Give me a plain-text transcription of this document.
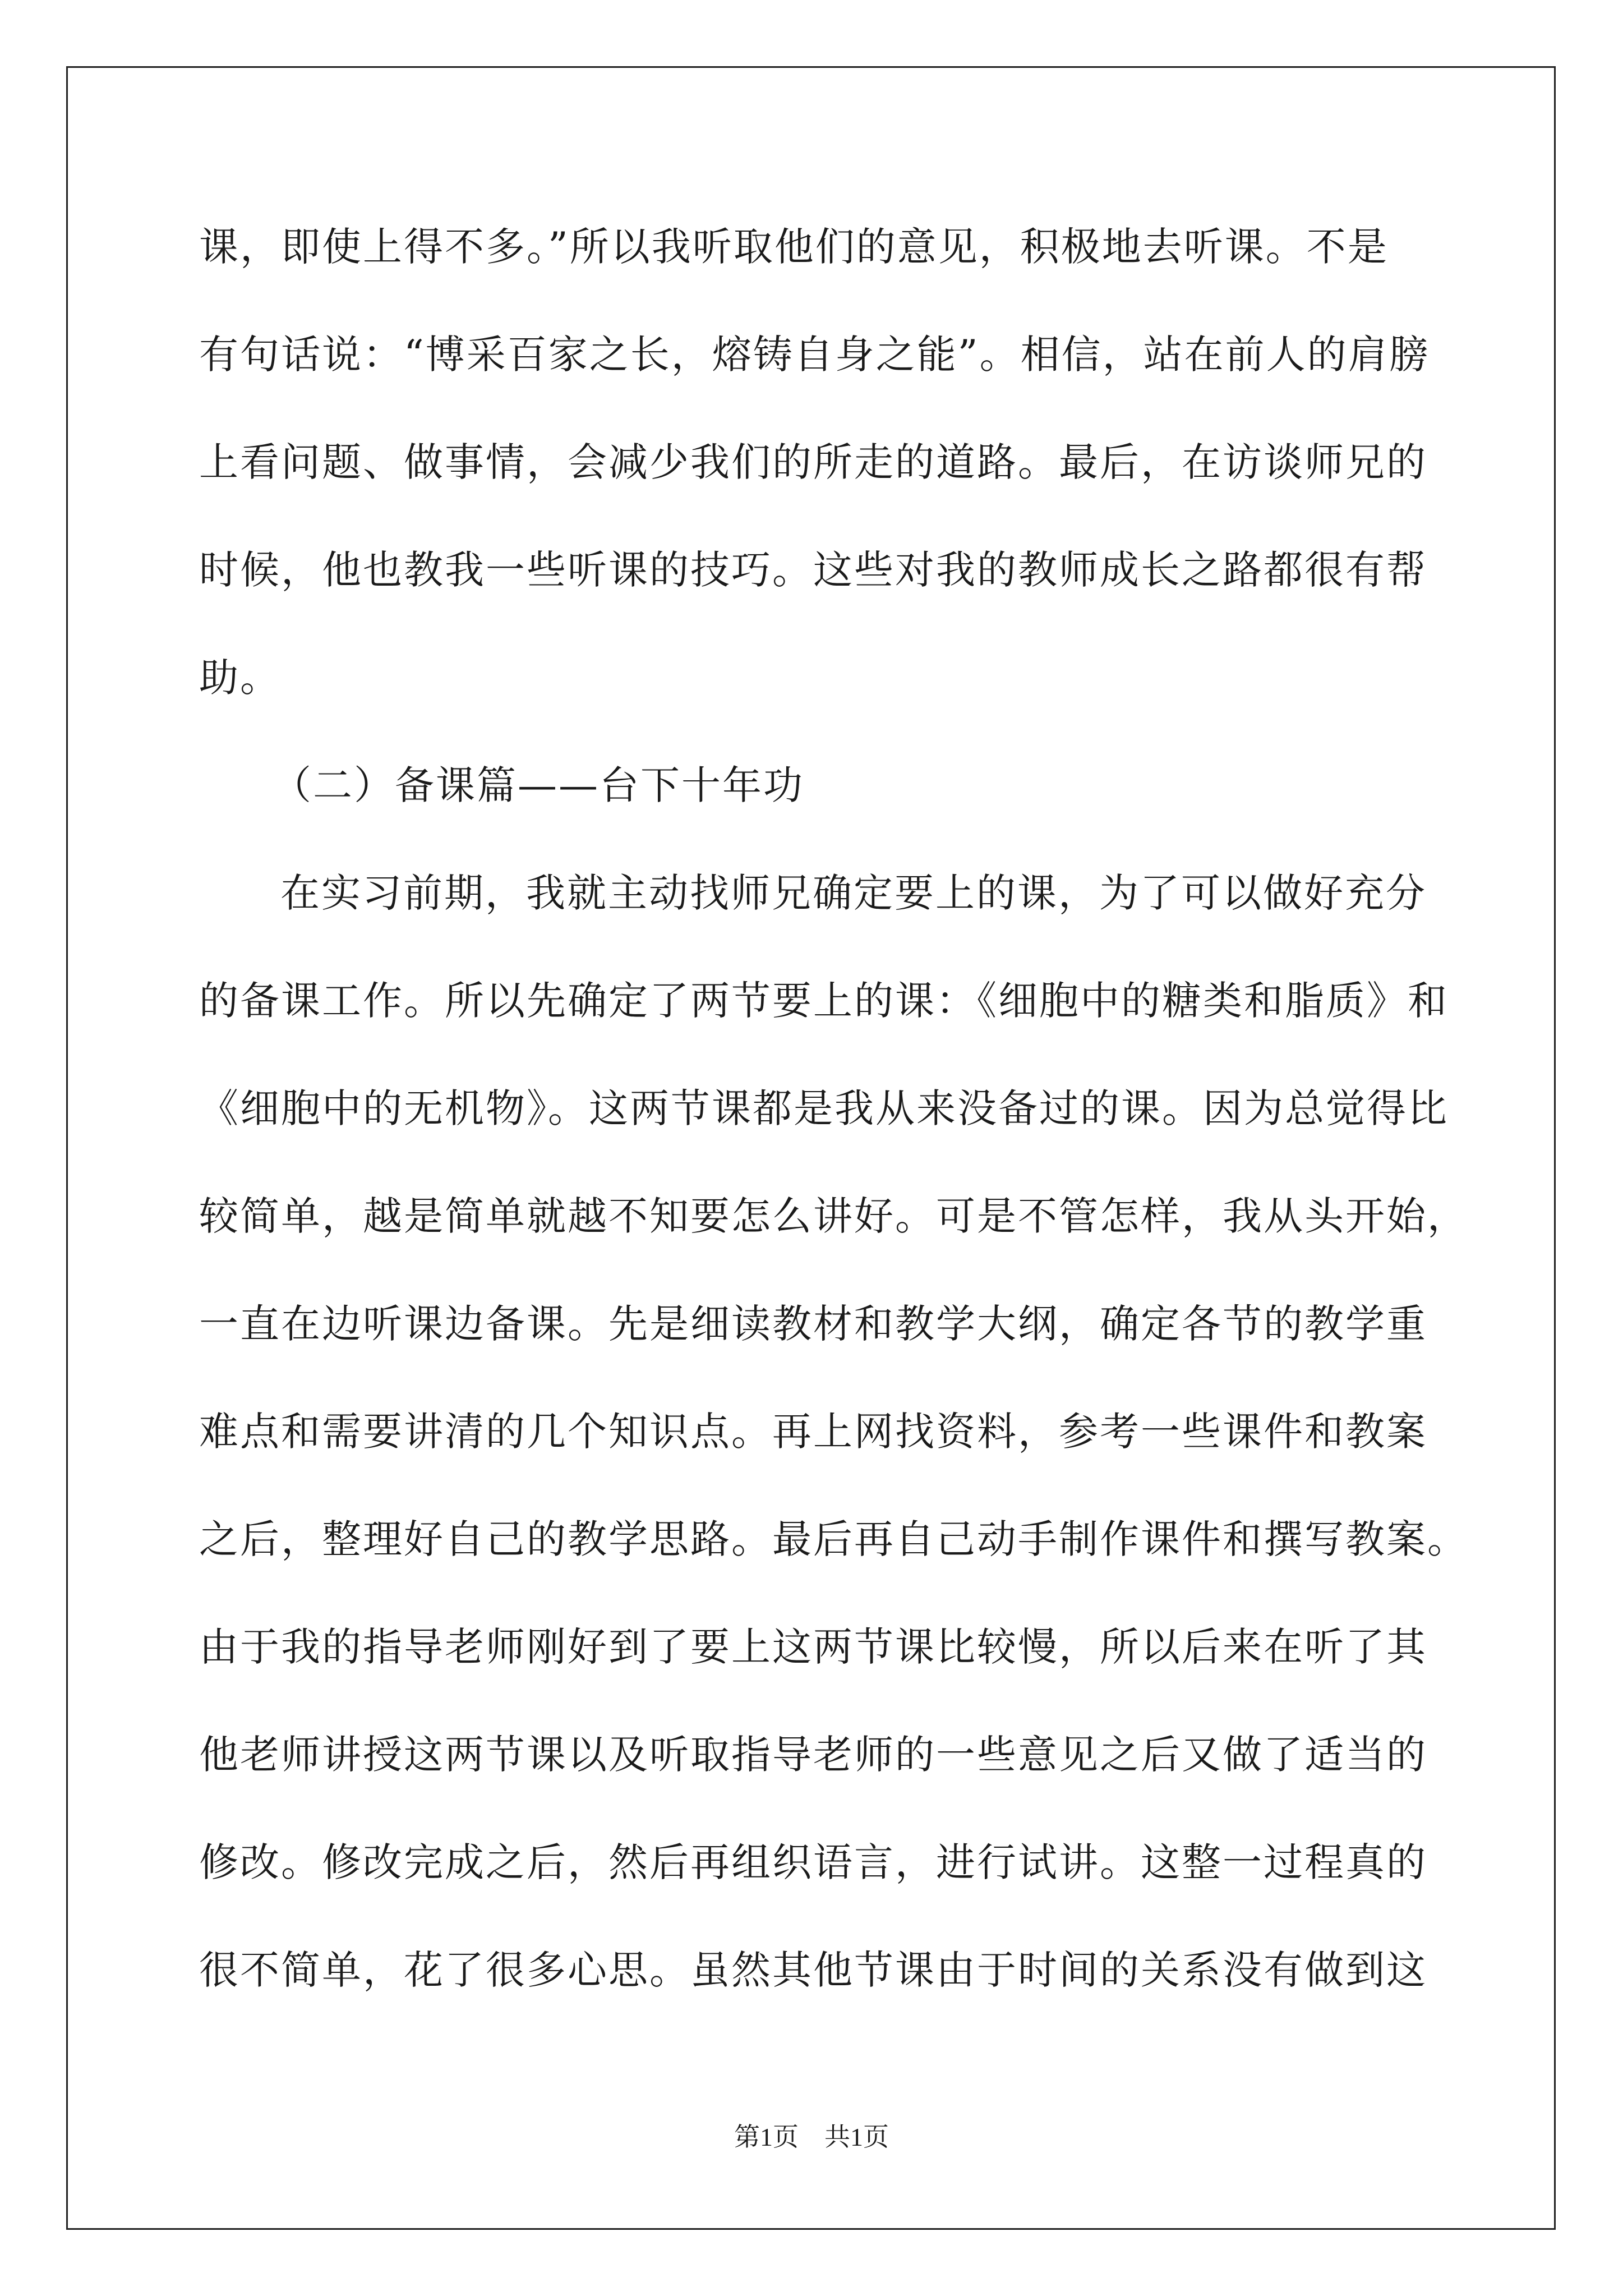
课，即使上得不多。”所以我听取他们的意见，积极地去听课。不是
有句话说：“博采百家之长，熔铸自身之能”。相信，站在前人的肩膀
上看问题、做事情，会减少我们的所走的道路。最后，在访谈师兄的
时候，他也教我一些听课的技巧。这些对我的教师成长之路都很有帮
助。
（二）备课篇——台下十年功
在实习前期，我就主动找师兄确定要上的课，为了可以做好充分
的备课工作。所以先确定了两节要上的课：《细胞中的糖类和脂质》和
《细胞中的无机物》。这两节课都是我从来没备过的课。因为总觉得比
较简单，越是简单就越不知要怎么讲好。可是不管怎样，我从头开始，
一直在边听课边备课。先是细读教材和教学大纲，确定各节的教学重
难点和需要讲清的几个知识点。再上网找资料，参考一些课件和教案
之后，整理好自己的教学思路。最后再自己动手制作课件和撰写教案。
由于我的指导老师刚好到了要上这两节课比较慢，所以后来在听了其
他老师讲授这两节课以及听取指导老师的一些意见之后又做了适当的
修改。修改完成之后，然后再组织语言，进行试讲。这整一过程真的
很不简单，花了很多心思。虽然其他节课由于时间的关系没有做到这
第1页　共1页
